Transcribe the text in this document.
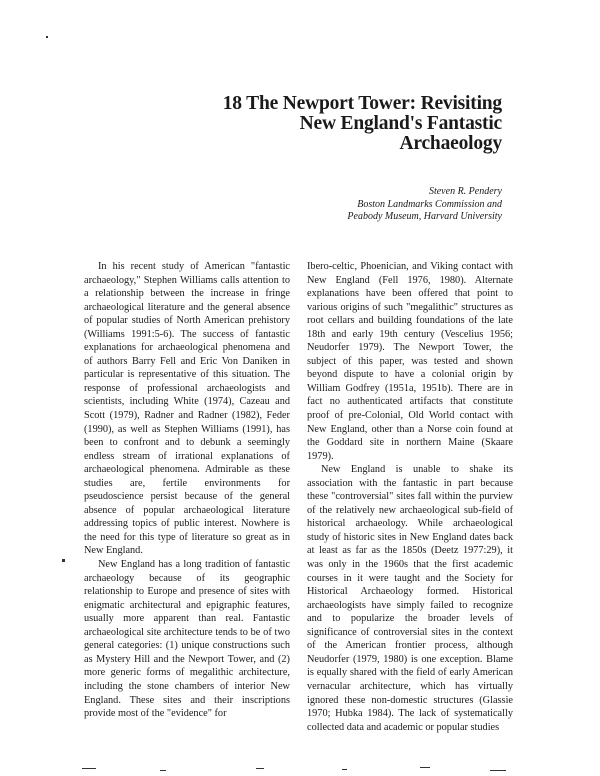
18 The Newport Tower: Revisiting
New England's Fantastic
Archaeology
Steven R. Pendery
Boston Landmarks Commission and
Peabody Museum, Harvard University

In his recent study of American "fantastic archaeology," Stephen Williams calls attention to a relationship between the increase in fringe archaeological literature and the general absence of popular studies of North American prehistory (Williams 1991:5-6). The success of fantastic explanations for archaeological phenomena and of authors Barry Fell and Eric Von Daniken in particular is representative of this situation. The response of professional archaeologists and scientists, including White (1974), Cazeau and Scott (1979), Radner and Radner (1982), Feder (1990), as well as Stephen Williams (1991), has been to confront and to debunk a seemingly endless stream of irrational explanations of archaeological phenomena. Admirable as these studies are, fertile environments for pseudoscience persist because of the general absence of popular archaeological literature addressing topics of public interest. Nowhere is the need for this type of literature so great as in New England.

New England has a long tradition of fantastic archaeology because of its geographic relationship to Europe and presence of sites with enigmatic architectural and epigraphic features, usually more apparent than real. Fantastic archaeological site architecture tends to be of two general categories: (1) unique constructions such as Mystery Hill and the Newport Tower, and (2) more generic forms of megalithic architecture, including the stone chambers of interior New England. These sites and their inscriptions provide most of the "evidence" for

Ibero-celtic, Phoenician, and Viking contact with New England (Fell 1976, 1980). Alternate explanations have been offered that point to various origins of such "megalithic" structures as root cellars and building foundations of the late 18th and early 19th century (Vescelius 1956; Neudorfer 1979). The Newport Tower, the subject of this paper, was tested and shown beyond dispute to have a colonial origin by William Godfrey (1951a, 1951b). There are in fact no authenticated artifacts that constitute proof of pre-Colonial, Old World contact with New England, other than a Norse coin found at the Goddard site in northern Maine (Skaare 1979).

New England is unable to shake its association with the fantastic in part because these "controversial" sites fall within the purview of the relatively new archaeological sub-field of historical archaeology. While archaeological study of historic sites in New England dates back at least as far as the 1850s (Deetz 1977:29), it was only in the 1960s that the first academic courses in it were taught and the Society for Historical Archaeology formed. Historical archaeologists have simply failed to recognize and to popularize the broader levels of significance of controversial sites in the context of the American frontier process, although Neudorfer (1979, 1980) is one exception. Blame is equally shared with the field of early American vernacular architecture, which has virtually ignored these non-domestic structures (Glassie 1970; Hubka 1984). The lack of systematically collected data and academic or popular studies
